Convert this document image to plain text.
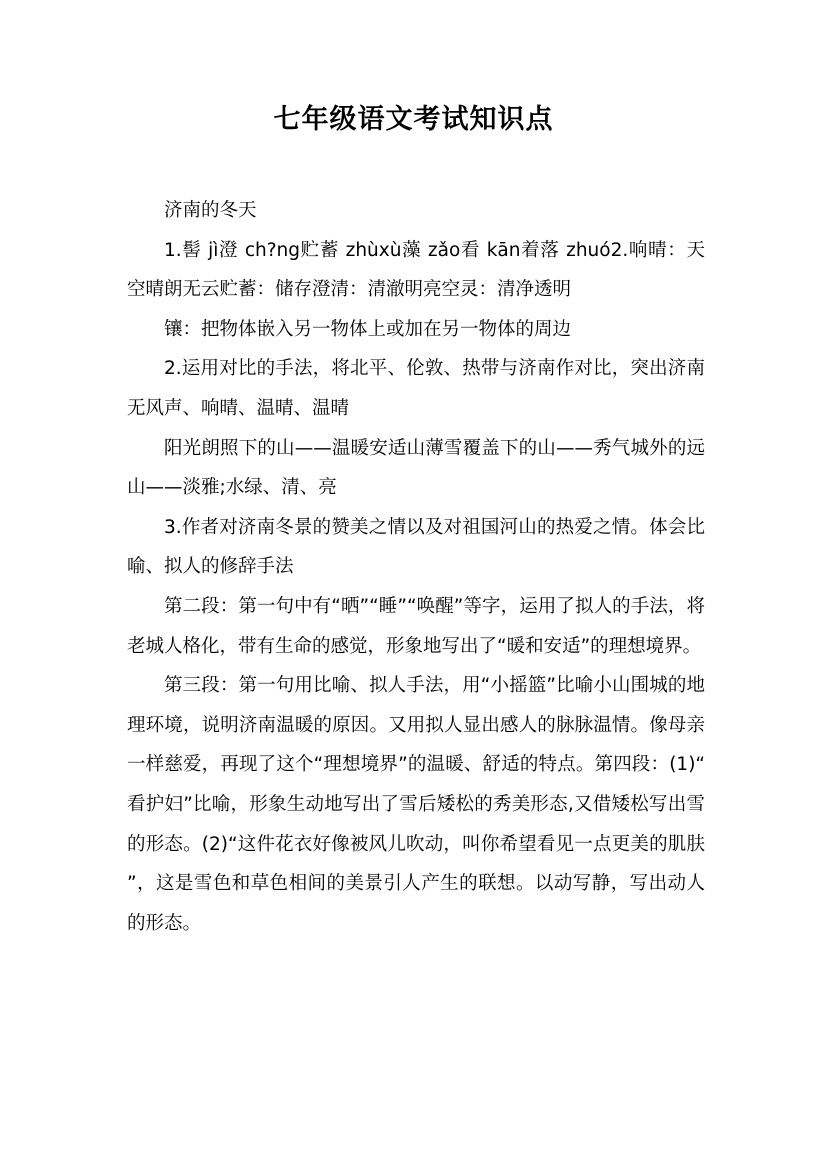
七年级语文考试知识点

济南的冬天

1.髻 jì澄 ch?ng贮蓄 zhùxù藻 zǎo看 kān着落 zhuó2.响晴：天空晴朗无云贮蓄：储存澄清：清澈明亮空灵：清净透明

镶：把物体嵌入另一物体上或加在另一物体的周边

2.运用对比的手法，将北平、伦敦、热带与济南作对比，突出济南无风声、响晴、温晴、温晴

阳光朗照下的山——温暖安适山薄雪覆盖下的山——秀气城外的远山——淡雅;水绿、清、亮

3.作者对济南冬景的赞美之情以及对祖国河山的热爱之情。体会比喻、拟人的修辞手法

第二段：第一句中有“晒”“睡”“唤醒”等字，运用了拟人的手法，将老城人格化，带有生命的感觉，形象地写出了“暖和安适”的理想境界。

第三段：第一句用比喻、拟人手法，用“小摇篮”比喻小山围城的地理环境，说明济南温暖的原因。又用拟人显出感人的脉脉温情。像母亲一样慈爱，再现了这个“理想境界”的温暖、舒适的特点。第四段：(1)“看护妇”比喻，形象生动地写出了雪后矮松的秀美形态,又借矮松写出雪的形态。(2)“这件花衣好像被风儿吹动，叫你希望看见一点更美的肌肤”，这是雪色和草色相间的美景引人产生的联想。以动写静，写出动人的形态。
